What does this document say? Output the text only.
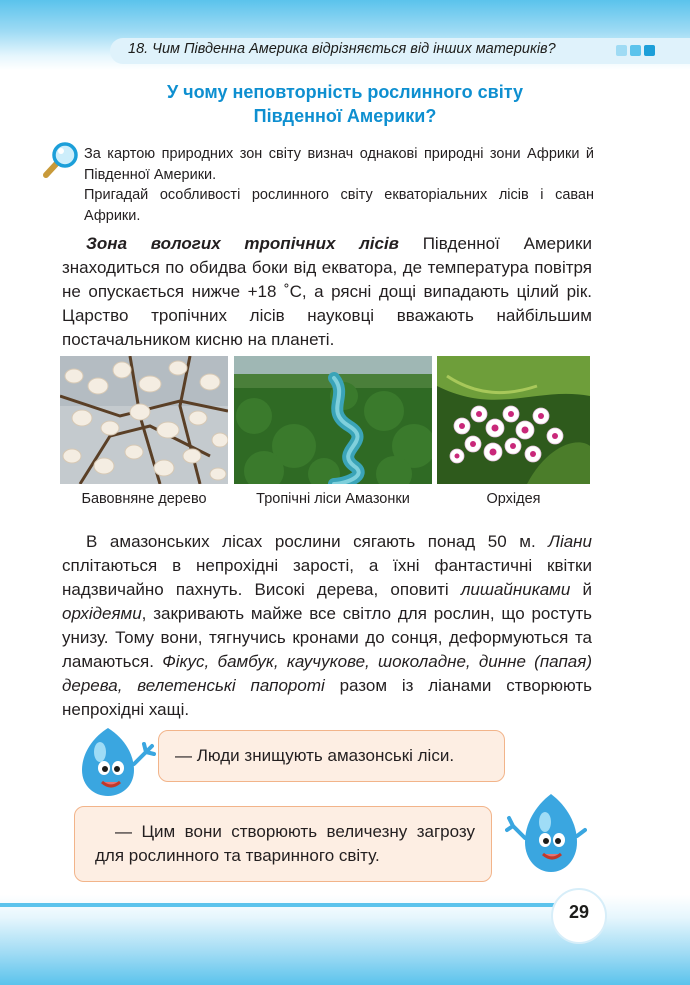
18. Чим Південна Америка відрізняється від інших материків?
У чому неповторність рослинного світу
Південної Америки?

За картою природних зон світу визнач однакові природні зони Африки й Південної Америки.

Пригадай особливості рослинного світу екваторіальних лісів і саван Африки.

Зона вологих тропічних лісів Південної Америки знаходиться по обидва боки від екватора, де температура повітря не опускається нижче +18 ˚С, а рясні дощі випадають цілий рік. Царство тропічних лісів науковці вважають найбільшим постачальником кисню на планеті.
Бавовняне дерево	Тропічні ліси Амазонки	Орхідея
В амазонських лісах рослини сягають понад 50 м. Ліани сплітаються в непрохідні зарості, а їхні фантастичні квітки надзвичайно пахнуть. Високі дерева, оповиті лишайниками й орхідеями, закривають майже все світло для рослин, що ростуть унизу. Тому вони, тягнучись кронами до сонця, деформуються та ламаються. Фікус, бамбук, каучукове, шоколадне, динне (папая) дерева, велетенські папороті разом із ліанами створюють непрохідні хащі.
— Люди знищують амазонські ліси.

— Цим вони створюють величезну загрозу для рослинного та тваринного світу.

29
